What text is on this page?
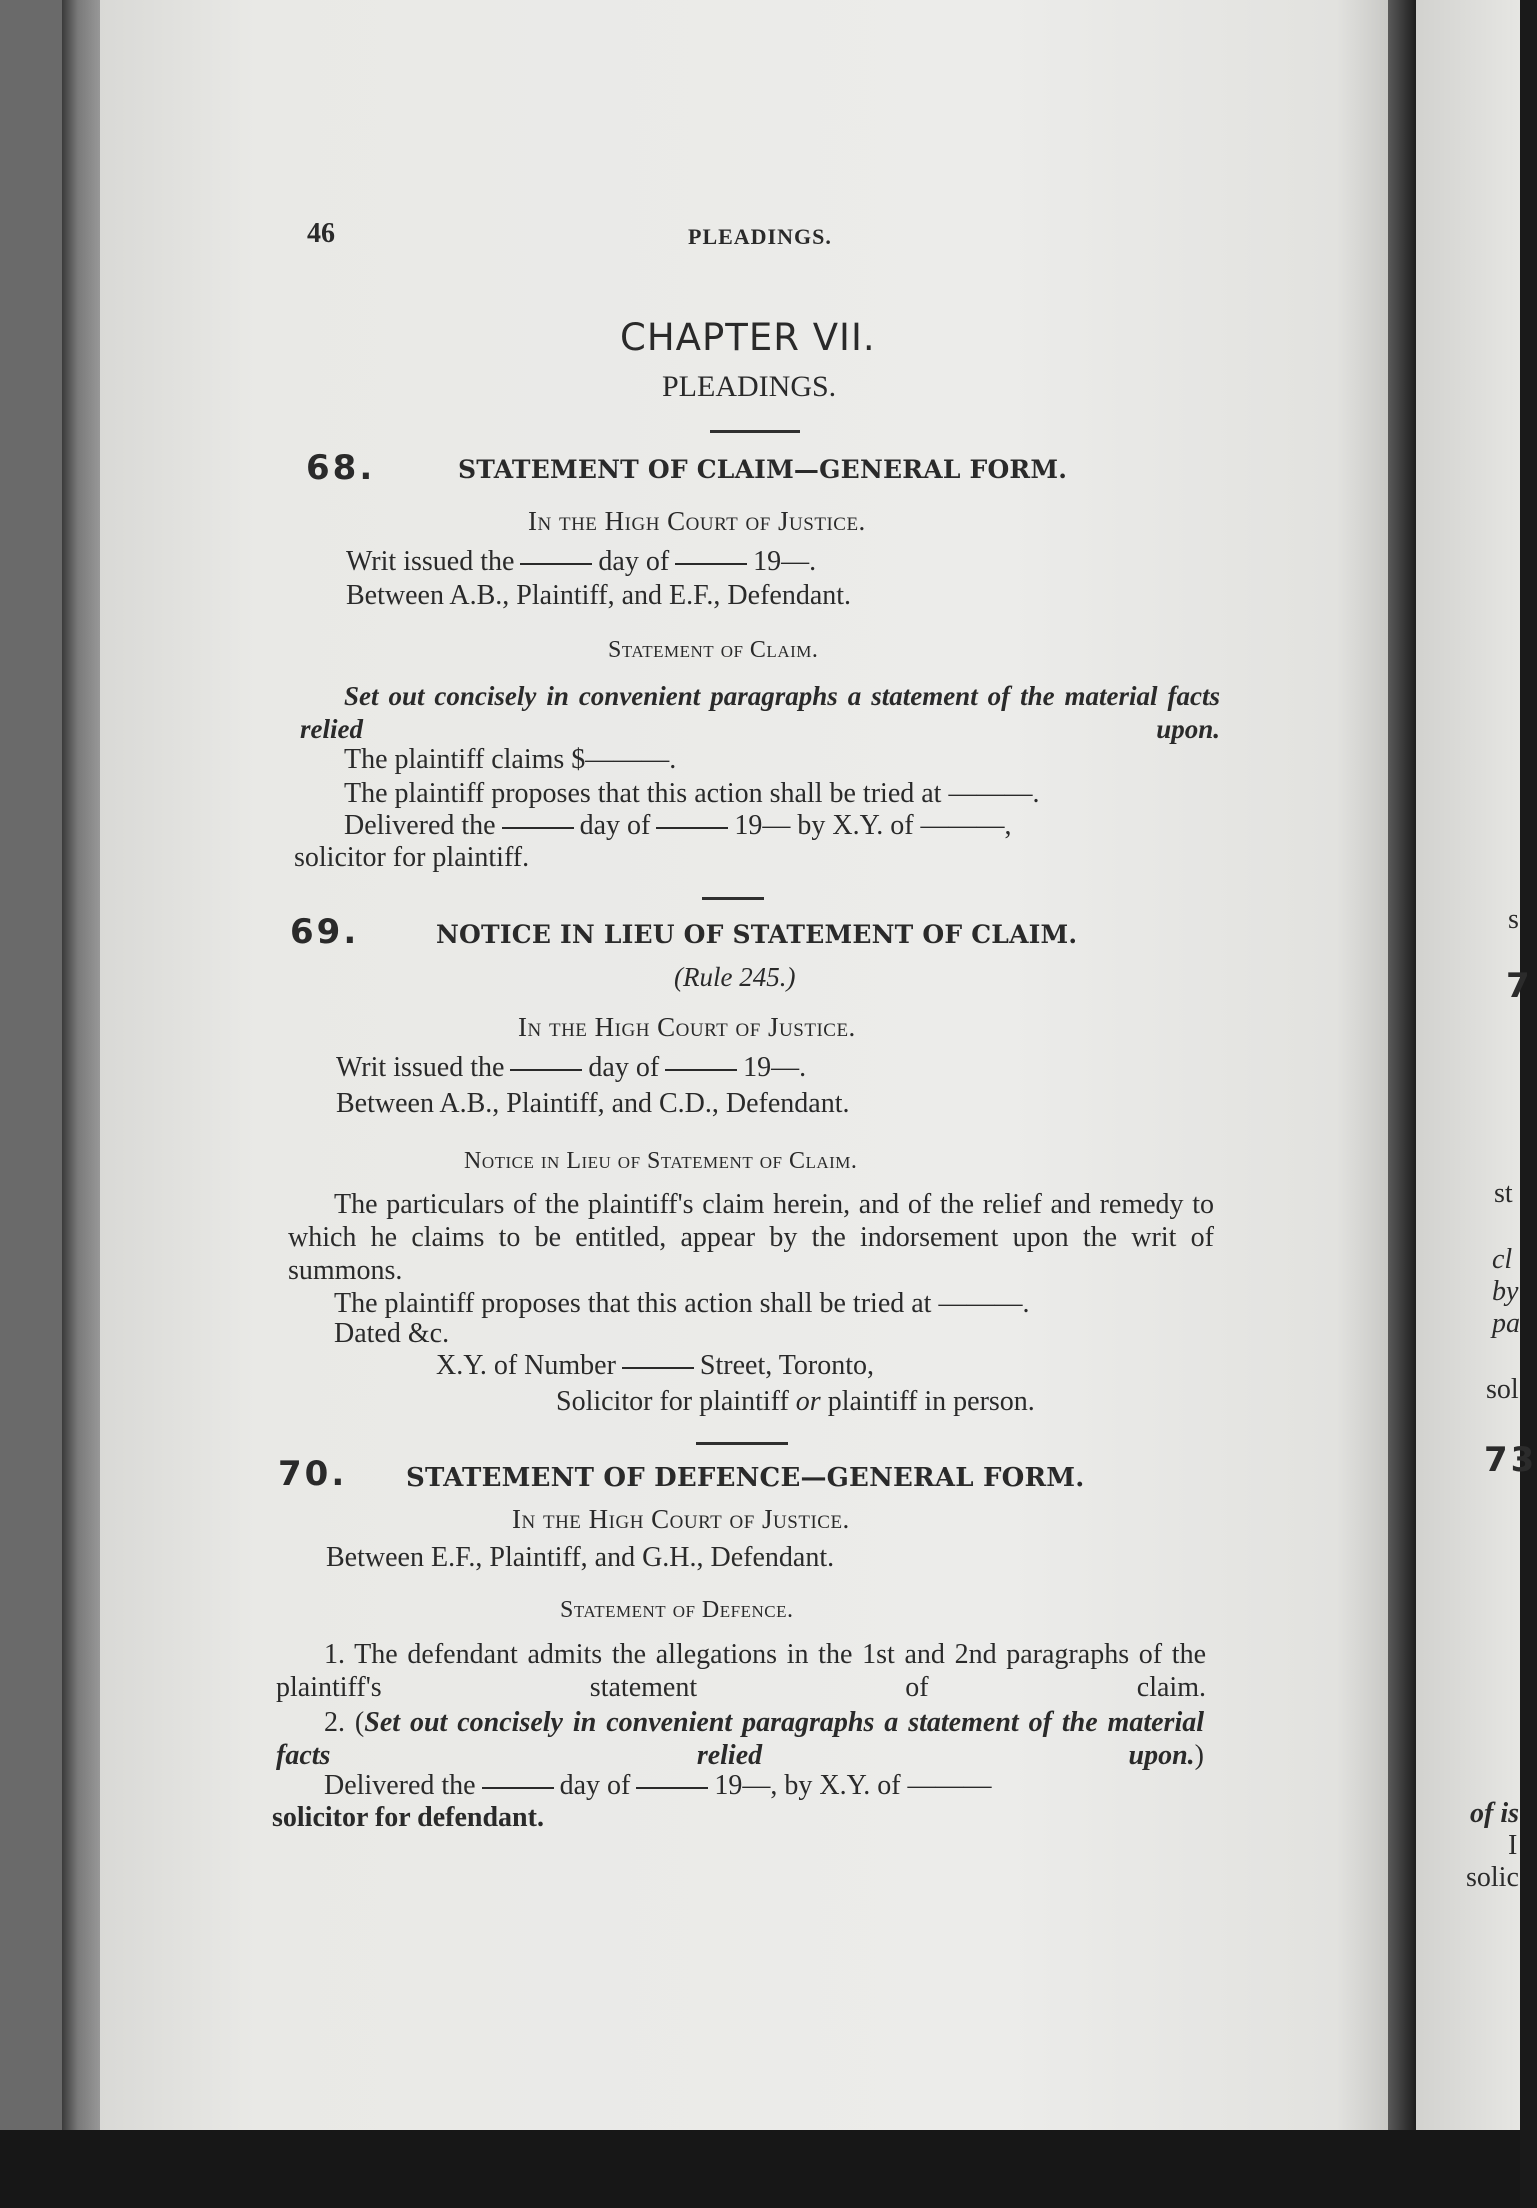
46	PLEADINGS.
CHAPTER VII.
PLEADINGS.
68.	STATEMENT OF CLAIM—GENERAL FORM.
In the High Court of Justice.
Writ issued the	day of	19—.
Between A.B., Plaintiff, and E.F., Defendant.
Statement of Claim.
Set out concisely in convenient paragraphs a statement of the material facts relied upon.
The plaintiff claims $———.
The plaintiff proposes that this action shall be tried at ———.
Delivered the	day of	19— by X.Y. of ———,
solicitor for plaintiff.
69.	NOTICE IN LIEU OF STATEMENT OF CLAIM.
(Rule 245.)
In the High Court of Justice.
Writ issued the	day of	19—.
Between A.B., Plaintiff, and C.D., Defendant.
Notice in Lieu of Statement of Claim.
The particulars of the plaintiff's claim herein, and of the relief and remedy to which he claims to be entitled, appear by the indorsement upon the writ of summons.
The plaintiff proposes that this action shall be tried at ———.
Dated &c.
X.Y. of Number	Street, Toronto,
Solicitor for plaintiff or plaintiff in person.
70. STATEMENT OF DEFENCE—GENERAL FORM.
In the High Court of Justice.
Between E.F., Plaintiff, and G.H., Defendant.
Statement of Defence.
1. The defendant admits the allegations in the 1st and 2nd paragraphs of the plaintiff's statement of claim.
2. (Set out concisely in convenient paragraphs a statement of the material facts relied upon.)
Delivered the	day of	19—, by X.Y. of ———
solicitor for defendant.
s
7
st
cl
by
pa
sol
73
of is
I
solic
